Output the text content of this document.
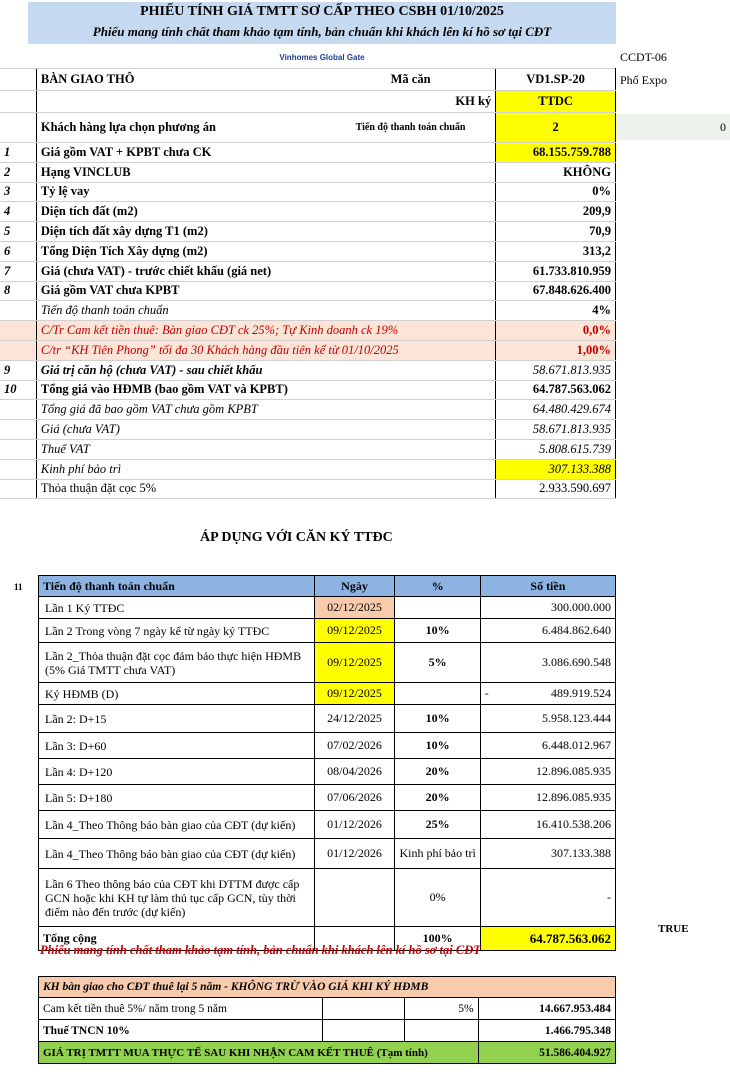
PHIẾU TÍNH GIÁ TMTT SƠ CẤP THEO CSBH 01/10/2025
Phiếu mang tính chất tham khảo tạm tính, bản chuẩn khi khách lên kí hồ sơ tại CĐT
Vinhomes Global Gate	CCDT-06
Phố Expo
0
	BÀN GIAO THÔ	Mã căn	VD1.SP-20
		KH ký	TTDC
	Khách hàng lựa chọn phương án	Tiến độ thanh toán chuẩn	2
1	Giá gồm VAT + KPBT chưa CK		68.155.759.788
2	Hạng VINCLUB		KHÔNG
3	Tỷ lệ vay		0%
4	Diện tích đất (m2)		209,9
5	Diện tích đất xây dựng T1 (m2)		70,9
6	Tổng Diện Tích Xây dựng (m2)		313,2
7	Giá (chưa VAT) - trước chiết khấu (giá net)		61.733.810.959
8	Giá gồm VAT chưa KPBT		67.848.626.400
	Tiến độ thanh toán chuẩn		4%
	C/Tr Cam kết tiền thuê: Bàn giao CĐT ck 25%; Tự Kinh doanh ck 19%		0,0%
	C/tr “KH Tiên Phong” tối đa 30 Khách hàng đầu tiên kể từ 01/10/2025		1,00%
9	Giá trị căn hộ (chưa VAT) - sau chiết khấu		58.671.813.935
10	Tổng giá vào HĐMB (bao gồm VAT và KPBT)		64.787.563.062
	Tổng giá đã bao gồm VAT chưa gồm KPBT		64.480.429.674
	Giá (chưa VAT)		58.671.813.935
	Thuế VAT		5.808.615.739
	Kinh phí bảo trì		307.133.388
	Thỏa thuận đặt cọc 5%		2.933.590.697
ÁP DỤNG VỚI CĂN KÝ TTĐC
11 Tiến độ thanh toán chuẩn	Ngày	%	Số tiền
Lần 1 Ký TTĐC	02/12/2025		300.000.000
Lần 2 Trong vòng 7 ngày kể từ ngày ký TTĐC	09/12/2025	10%	6.484.862.640
Lần 2_Thỏa thuận đặt cọc đảm bảo thực hiện HĐMB (5% Giá TMTT chưa VAT)	09/12/2025	5%	3.086.690.548
Ký HĐMB (D)	09/12/2025		- 489.919.524
Lần 2: D+15	24/12/2025	10%	5.958.123.444
Lần 3: D+60	07/02/2026	10%	6.448.012.967
Lần 4: D+120	08/04/2026	20%	12.896.085.935
Lần 5: D+180	07/06/2026	20%	12.896.085.935
Lần 4_Theo Thông báo bàn giao của CĐT (dự kiến)	01/12/2026	25%	16.410.538.206
Lần 4_Theo Thông báo bàn giao của CĐT (dự kiến)	01/12/2026	Kinh phí bảo trì	307.133.388
Lần 6 Theo thông báo của CĐT khi DTTM được cấp GCN hoặc khi KH tự làm thủ tục cấp GCN, tùy thời điểm nào đến trước (dự kiến)		0%	-
Tổng cộng		100%	64.787.563.062
TRUE
Phiếu mang tính chất tham khảo tạm tính, bản chuẩn khi khách lên kí hồ sơ tại CĐT
KH bàn giao cho CĐT thuê lại 5 năm - KHÔNG TRỪ VÀO GIÁ KHI KÝ HĐMB			
Cam kết tiền thuê 5%/ năm trong 5 năm		5%	14.667.953.484
Thuế TNCN 10%			1.466.795.348
GIÁ TRỊ TMTT MUA THỰC TẾ SAU KHI NHẬN CAM KẾT THUÊ (Tạm tính)			51.586.404.927
